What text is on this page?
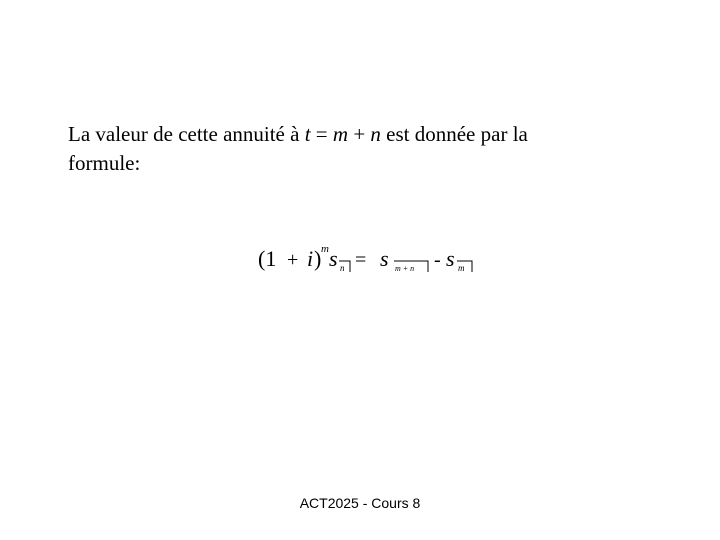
La valeur de cette annuité à t = m + n est donnée par la
formule:
(1 + i ) m s n = s m + n - s m
ACT2025 - Cours 8
